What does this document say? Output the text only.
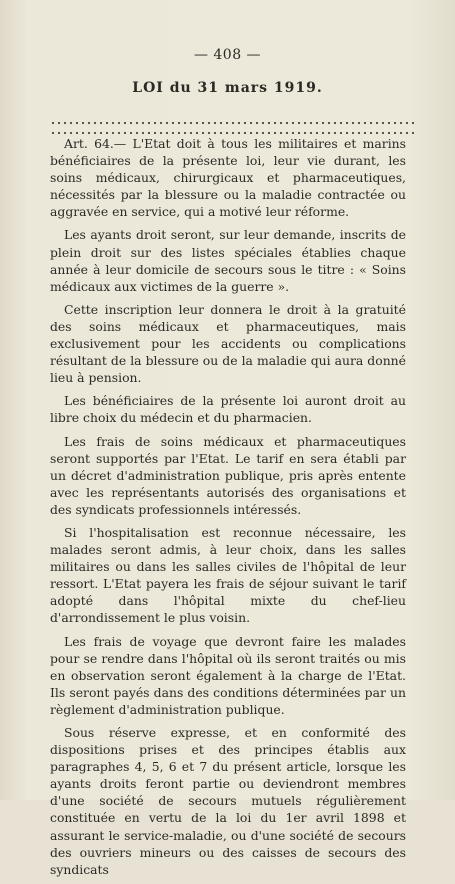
— 408 —
LOI du 31 mars 1919.

Art. 64.— L'Etat doit à tous les militaires et marins bénéficiaires de la présente loi, leur vie durant, les soins médicaux, chirurgicaux et pharmaceutiques, nécessités par la blessure ou la maladie contractée ou aggravée en service, qui a motivé leur réforme.

Les ayants droit seront, sur leur demande, inscrits de plein droit sur des listes spéciales établies chaque année à leur domicile de secours sous le titre : « Soins médicaux aux victimes de la guerre ».

Cette inscription leur donnera le droit à la gratuité des soins médicaux et pharmaceutiques, mais exclusivement pour les accidents ou complications résultant de la blessure ou de la maladie qui aura donné lieu à pension.

Les bénéficiaires de la présente loi auront droit au libre choix du médecin et du pharmacien.

Les frais de soins médicaux et pharmaceutiques seront supportés par l'Etat. Le tarif en sera établi par un décret d'administration publique, pris après entente avec les représentants autorisés des organisations et des syndicats professionnels intéressés.

Si l'hospitalisation est reconnue nécessaire, les malades seront admis, à leur choix, dans les salles militaires ou dans les salles civiles de l'hôpital de leur ressort. L'Etat payera les frais de séjour suivant le tarif adopté dans l'hôpital mixte du chef-lieu d'arrondissement le plus voisin.

Les frais de voyage que devront faire les malades pour se rendre dans l'hôpital où ils seront traités ou mis en observation seront également à la charge de l'Etat. Ils seront payés dans des conditions déterminées par un règlement d'administration publique.

Sous réserve expresse, et en conformité des dispositions prises et des principes établis aux paragraphes 4, 5, 6 et 7 du présent article, lorsque les ayants droits feront partie ou deviendront membres d'une société de secours mutuels régulièrement constituée en vertu de la loi du 1er avril 1898 et assurant le service-maladie, ou d'une société de secours des ouvriers mineurs ou des caisses de secours des syndicats
